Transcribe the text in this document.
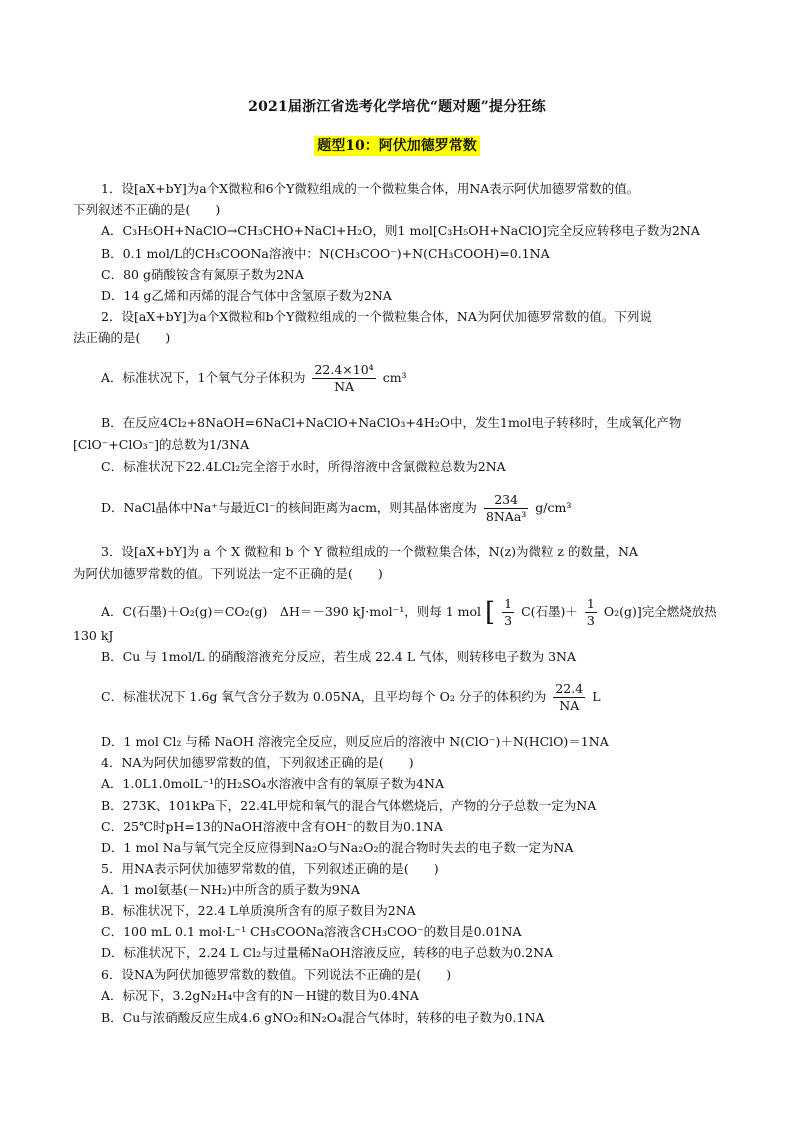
2021届浙江省选考化学培优“题对题”提分狂练
题型10：阿伏加德罗常数
1．设[aX+bY]为a个X微粒和6个Y微粒组成的一个微粒集合体，用NA表示阿伏加德罗常数的值。
下列叙述不正确的是(　　)
A．C₃H₅OH+NaClO→CH₃CHO+NaCl+H₂O，则1 mol[C₃H₅OH+NaClO]完全反应转移电子数为2NA
B．0.1 mol/L的CH₃COONa溶液中：N(CH₃COO⁻)+N(CH₃COOH)=0.1NA
C．80 g硝酸铵含有氮原子数为2NA
D．14 g乙烯和丙烯的混合气体中含氢原子数为2NA
2．设[aX+bY]为a个X微粒和b个Y微粒组成的一个微粒集合体，NA为阿伏加德罗常数的值。下列说
法正确的是(　　)
A．标准状况下，1个氧气分子体积为 $\frac{\text{22.4×10⁴}}{NA} cm^3$
B．在反应4Cl₂+8NaOH=6NaCl+NaClO+NaClO₃+4H₂O中，发生1mol电子转移时，生成氧化产物
[ClO⁻+ClO₃⁻]的总数为1/3NA
C．标准状况下22.4LCl₂完全溶于水时，所得溶液中含氯微粒总数为2NA
D．NaCl晶体中Na⁺与最近Cl⁻的核间距离为acm，则其晶体密度为 $\frac{234}{\text{8NAa³}} g/cm^3$
3．设[aX+bY]为 a 个 X 微粒和 b 个 Y 微粒组成的一个微粒集合体，N(z)为微粒 z 的数量，NA
为阿伏加德罗常数的值。下列说法一定不正确的是(　　)
A．C(石墨)＋O₂(g)＝CO₂(g)　ΔH＝－390 kJ·mol⁻¹，则每 1 mol [ $\frac{1}{3} C$(石墨)＋ $\frac{1}{3} O_2(g)$]完全燃烧放热
130 kJ
B．Cu 与 1mol/L 的硝酸溶液充分反应，若生成 22.4 L 气体，则转移电子数为 3NA
C．标准状况下 1.6g 氧气含分子数为 0.05NA，且平均每个 O₂ 分子的体积约为 $\frac{22.4}{NA}$ L
D．1 mol Cl₂ 与稀 NaOH 溶液完全反应，则反应后的溶液中 N(ClO⁻)＋N(HClO)＝1NA
4．NA为阿伏加德罗常数的值，下列叙述正确的是(　　)
A．1.0L1.0molL⁻¹的H₂SO₄水溶液中含有的氧原子数为4NA
B．273K、101kPa下，22.4L甲烷和氧气的混合气体燃烧后，产物的分子总数一定为NA
C．25℃时pH=13的NaOH溶液中含有OH⁻的数目为0.1NA
D．1 mol Na与氧气完全反应得到Na₂O与Na₂O₂的混合物时失去的电子数一定为NA
5．用NA表示阿伏加德罗常数的值，下列叙述正确的是(　　)
A．1 mol氨基(－NH₂)中所含的质子数为9NA
B．标准状况下，22.4 L单质溴所含有的原子数目为2NA
C．100 mL 0.1 mol·L⁻¹ CH₃COONa溶液含CH₃COO⁻的数目是0.01NA
D．标准状况下，2.24 L Cl₂与过量稀NaOH溶液反应，转移的电子总数为0.2NA
6．设NA为阿伏加德罗常数的数值。下列说法不正确的是(　　)
A．标况下，3.2gN₂H₄中含有的N－H键的数目为0.4NA
B．Cu与浓硝酸反应生成4.6 gNO₂和N₂O₄混合气体时，转移的电子数为0.1NA
